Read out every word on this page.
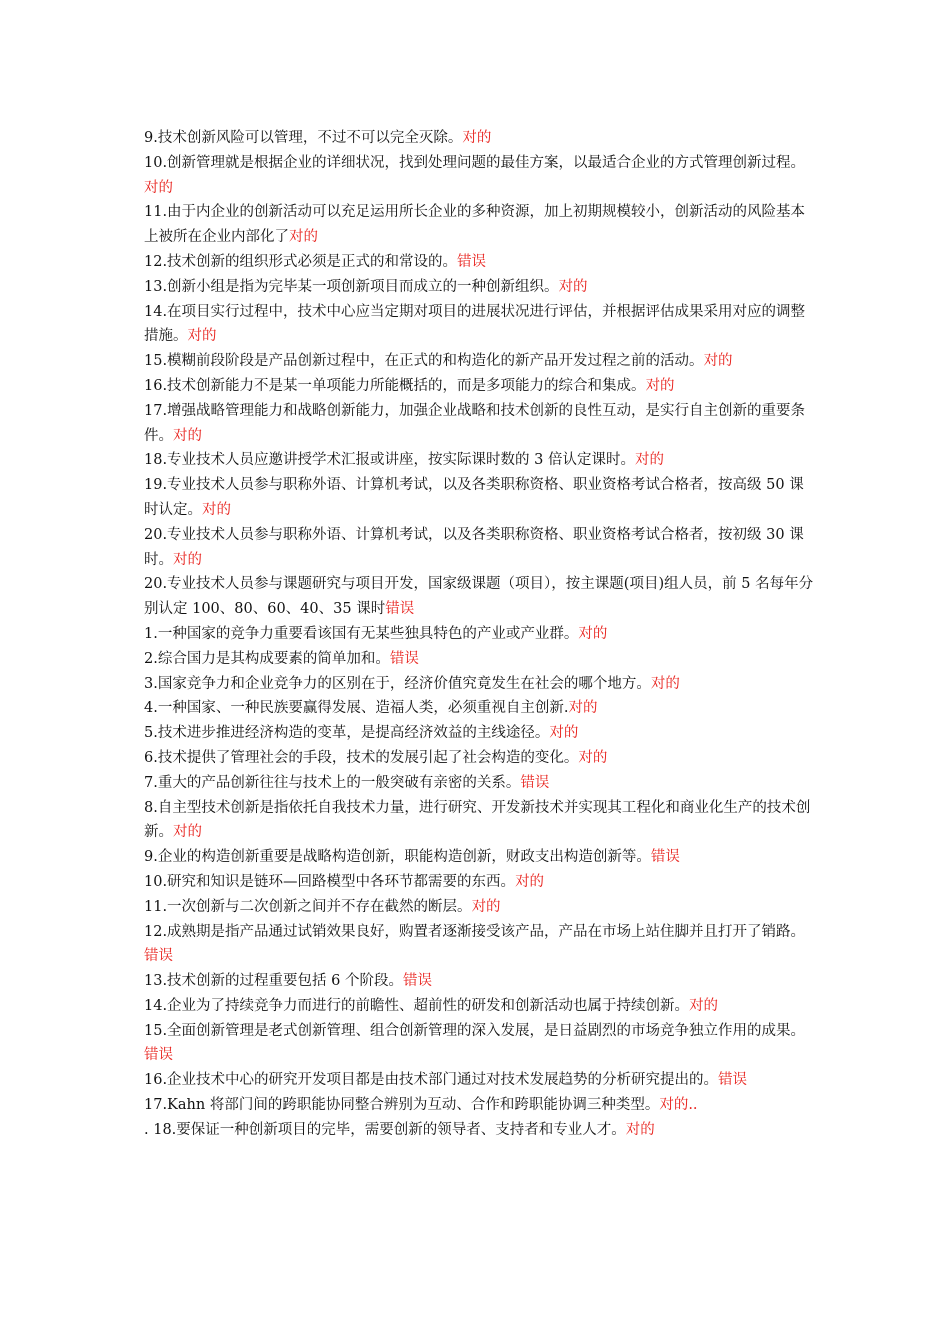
9.技术创新风险可以管理，不过不可以完全灭除。对的

10.创新管理就是根据企业的详细状况，找到处理问题的最佳方案，以最适合企业的方式管理创新过程。对的

11.由于内企业的创新活动可以充足运用所长企业的多种资源，加上初期规模较小，创新活动的风险基本上被所在企业内部化了对的

12.技术创新的组织形式必须是正式的和常设的。错误

13.创新小组是指为完毕某一项创新项目而成立的一种创新组织。对的

14.在项目实行过程中，技术中心应当定期对项目的进展状况进行评估，并根据评估成果采用对应的调整措施。对的

15.模糊前段阶段是产品创新过程中，在正式的和构造化的新产品开发过程之前的活动。对的

16.技术创新能力不是某一单项能力所能概括的，而是多项能力的综合和集成。对的

17.增强战略管理能力和战略创新能力，加强企业战略和技术创新的良性互动，是实行自主创新的重要条件。对的

18.专业技术人员应邀讲授学术汇报或讲座，按实际课时数的 3 倍认定课时。对的

19.专业技术人员参与职称外语、计算机考试，以及各类职称资格、职业资格考试合格者，按高级 50 课时认定。对的

20.专业技术人员参与职称外语、计算机考试，以及各类职称资格、职业资格考试合格者，按初级 30 课时。对的

20.专业技术人员参与课题研究与项目开发，国家级课题（项目），按主课题(项目)组人员，前 5 名每年分别认定 100、80、60、40、35 课时错误

1.一种国家的竞争力重要看该国有无某些独具特色的产业或产业群。对的

2.综合国力是其构成要素的简单加和。错误

3.国家竞争力和企业竞争力的区别在于，经济价值究竟发生在社会的哪个地方。对的

4.一种国家、一种民族要赢得发展、造福人类，必须重视自主创新.对的

5.技术进步推进经济构造的变革，是提高经济效益的主线途径。对的

6.技术提供了管理社会的手段，技术的发展引起了社会构造的变化。对的

7.重大的产品创新往往与技术上的一般突破有亲密的关系。错误

8.自主型技术创新是指依托自我技术力量，进行研究、开发新技术并实现其工程化和商业化生产的技术创新。对的

9.企业的构造创新重要是战略构造创新，职能构造创新，财政支出构造创新等。错误

10.研究和知识是链环—回路模型中各环节都需要的东西。对的

11.一次创新与二次创新之间并不存在截然的断层。对的

12.成熟期是指产品通过试销效果良好，购置者逐渐接受该产品，产品在市场上站住脚并且打开了销路。错误

13.技术创新的过程重要包括 6 个阶段。错误

14.企业为了持续竞争力而进行的前瞻性、超前性的研发和创新活动也属于持续创新。对的

15.全面创新管理是老式创新管理、组合创新管理的深入发展，是日益剧烈的市场竞争独立作用的成果。错误

16.企业技术中心的研究开发项目都是由技术部门通过对技术发展趋势的分析研究提出的。错误

17.Kahn 将部门间的跨职能协同整合辨别为互动、合作和跨职能协调三种类型。对的..

. 18.要保证一种创新项目的完毕，需要创新的领导者、支持者和专业人才。对的
